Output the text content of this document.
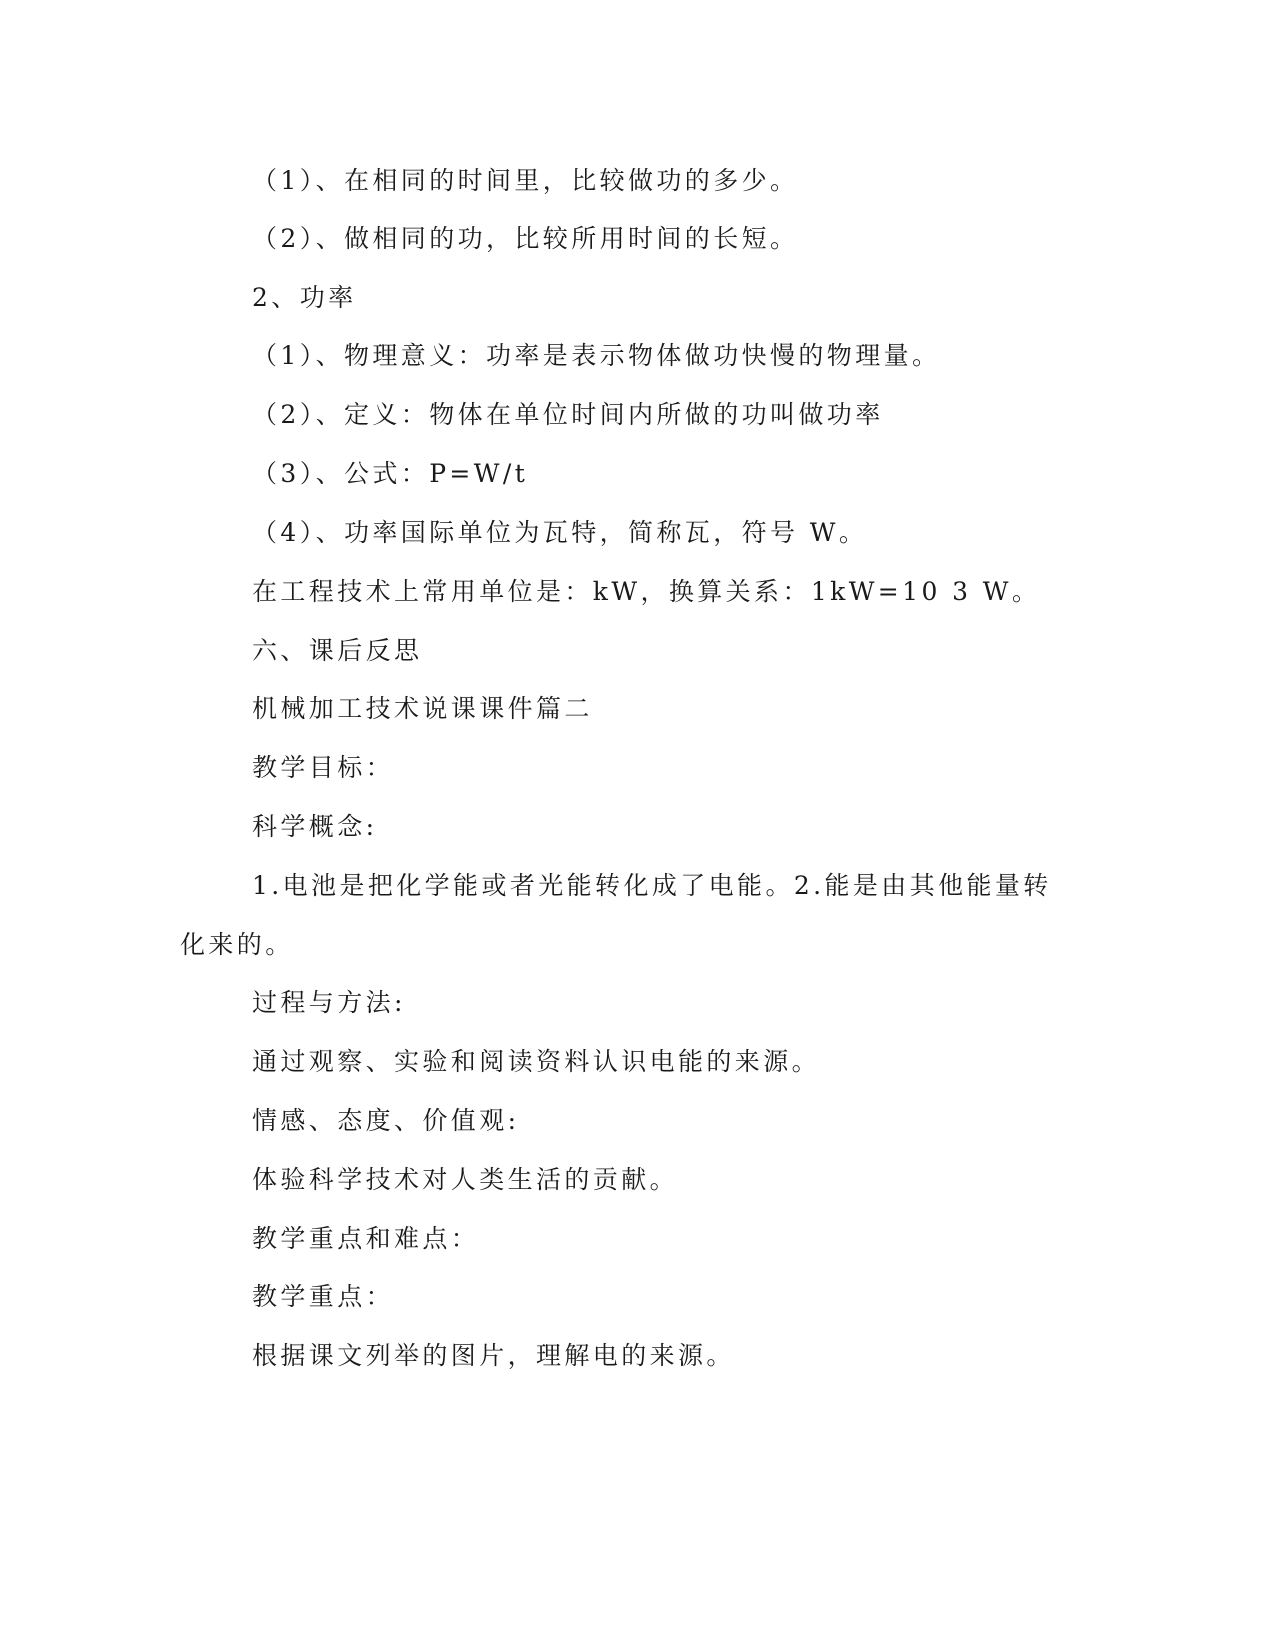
（1）、在相同的时间里，比较做功的多少。

（2）、做相同的功，比较所用时间的长短。

2、功率

（1）、物理意义：功率是表示物体做功快慢的物理量。

（2）、定义：物体在单位时间内所做的功叫做功率

（3）、公式：P=W/t

（4）、功率国际单位为瓦特，简称瓦，符号 W。

在工程技术上常用单位是：kW，换算关系：1kW=10 3 W。

六、课后反思

机械加工技术说课课件篇二

教学目标：

科学概念:

1.电池是把化学能或者光能转化成了电能。2.能是由其他能量转

化来的。

过程与方法:

通过观察、实验和阅读资料认识电能的来源。

情感、态度、价值观:

体验科学技术对人类生活的贡献。

教学重点和难点：

教学重点：

根据课文列举的图片，理解电的来源。
